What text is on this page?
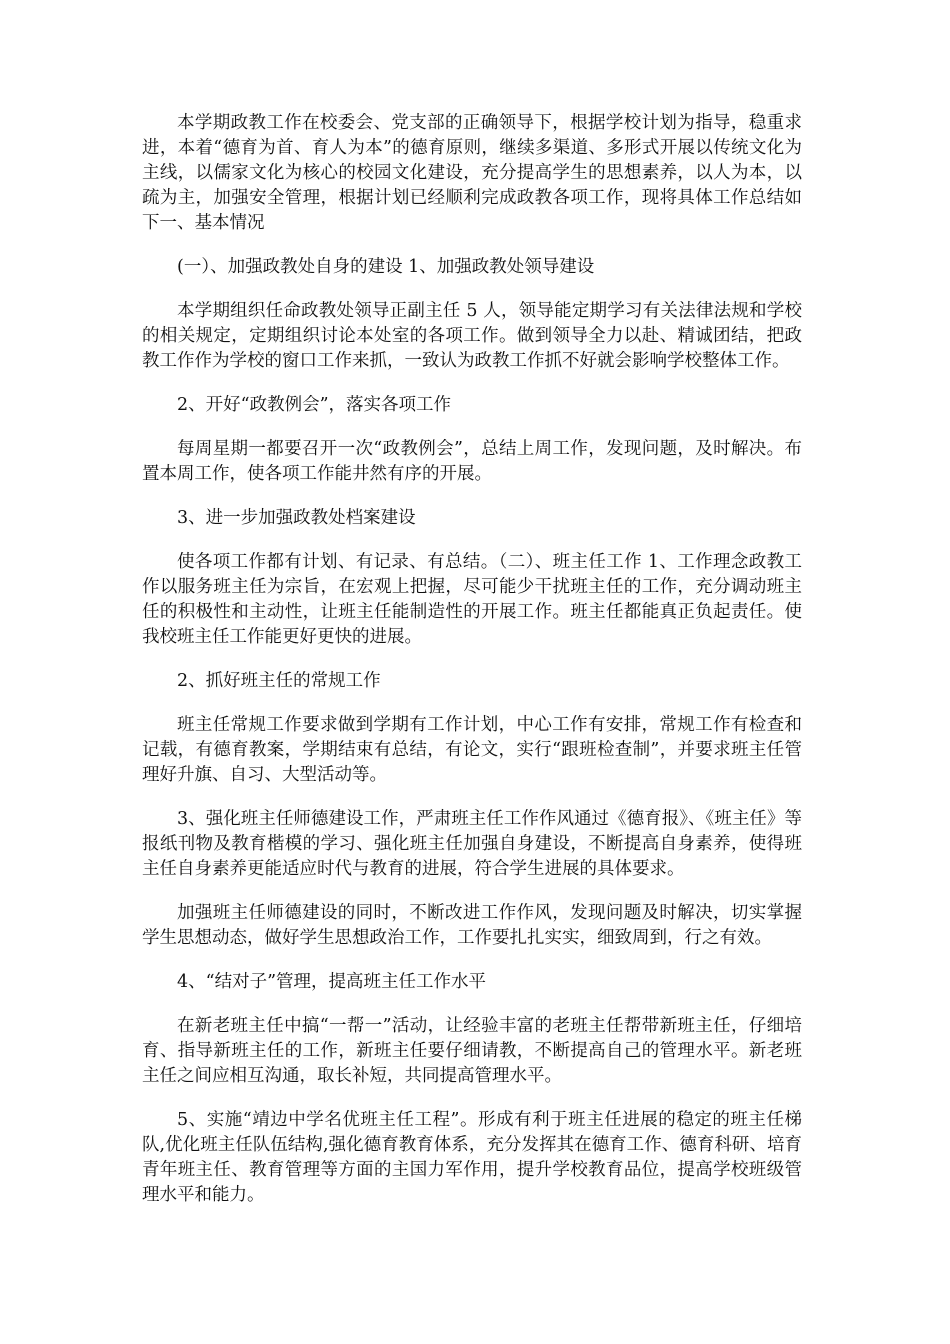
本学期政教工作在校委会、党支部的正确领导下，根据学校计划为指导，稳重求进，本着“德育为首、育人为本”的德育原则，继续多渠道、多形式开展以传统文化为主线，以儒家文化为核心的校园文化建设，充分提高学生的思想素养，以人为本，以疏为主，加强安全管理，根据计划已经顺利完成政教各项工作，现将具体工作总结如下一、基本情况

(一）、加强政教处自身的建设 1、加强政教处领导建设

本学期组织任命政教处领导正副主任 5 人，领导能定期学习有关法律法规和学校的相关规定，定期组织讨论本处室的各项工作。做到领导全力以赴、精诚团结，把政教工作作为学校的窗口工作来抓，一致认为政教工作抓不好就会影响学校整体工作。

2、开好“政教例会”，落实各项工作

每周星期一都要召开一次“政教例会”，总结上周工作，发现问题，及时解决。布置本周工作，使各项工作能井然有序的开展。

3、进一步加强政教处档案建设

使各项工作都有计划、有记录、有总结。（二）、班主任工作 1、工作理念政教工作以服务班主任为宗旨，在宏观上把握，尽可能少干扰班主任的工作，充分调动班主任的积极性和主动性，让班主任能制造性的开展工作。班主任都能真正负起责任。使我校班主任工作能更好更快的进展。

2、抓好班主任的常规工作

班主任常规工作要求做到学期有工作计划，中心工作有安排，常规工作有检查和记载，有德育教案，学期结束有总结，有论文，实行“跟班检查制”，并要求班主任管理好升旗、自习、大型活动等。

3、强化班主任师德建设工作，严肃班主任工作作风通过《德育报》、《班主任》等报纸刊物及教育楷模的学习、强化班主任加强自身建设，不断提高自身素养，使得班主任自身素养更能适应时代与教育的进展，符合学生进展的具体要求。

加强班主任师德建设的同时，不断改进工作作风，发现问题及时解决，切实掌握学生思想动态，做好学生思想政治工作，工作要扎扎实实，细致周到，行之有效。

4、“结对子”管理，提高班主任工作水平

在新老班主任中搞“一帮一”活动，让经验丰富的老班主任帮带新班主任，仔细培育、指导新班主任的工作，新班主任要仔细请教，不断提高自己的管理水平。新老班主任之间应相互沟通，取长补短，共同提高管理水平。

5、实施“靖边中学名优班主任工程”。形成有利于班主任进展的稳定的班主任梯队,优化班主任队伍结构,强化德育教育体系，充分发挥其在德育工作、德育科研、培育青年班主任、教育管理等方面的主国力军作用，提升学校教育品位，提高学校班级管理水平和能力。
